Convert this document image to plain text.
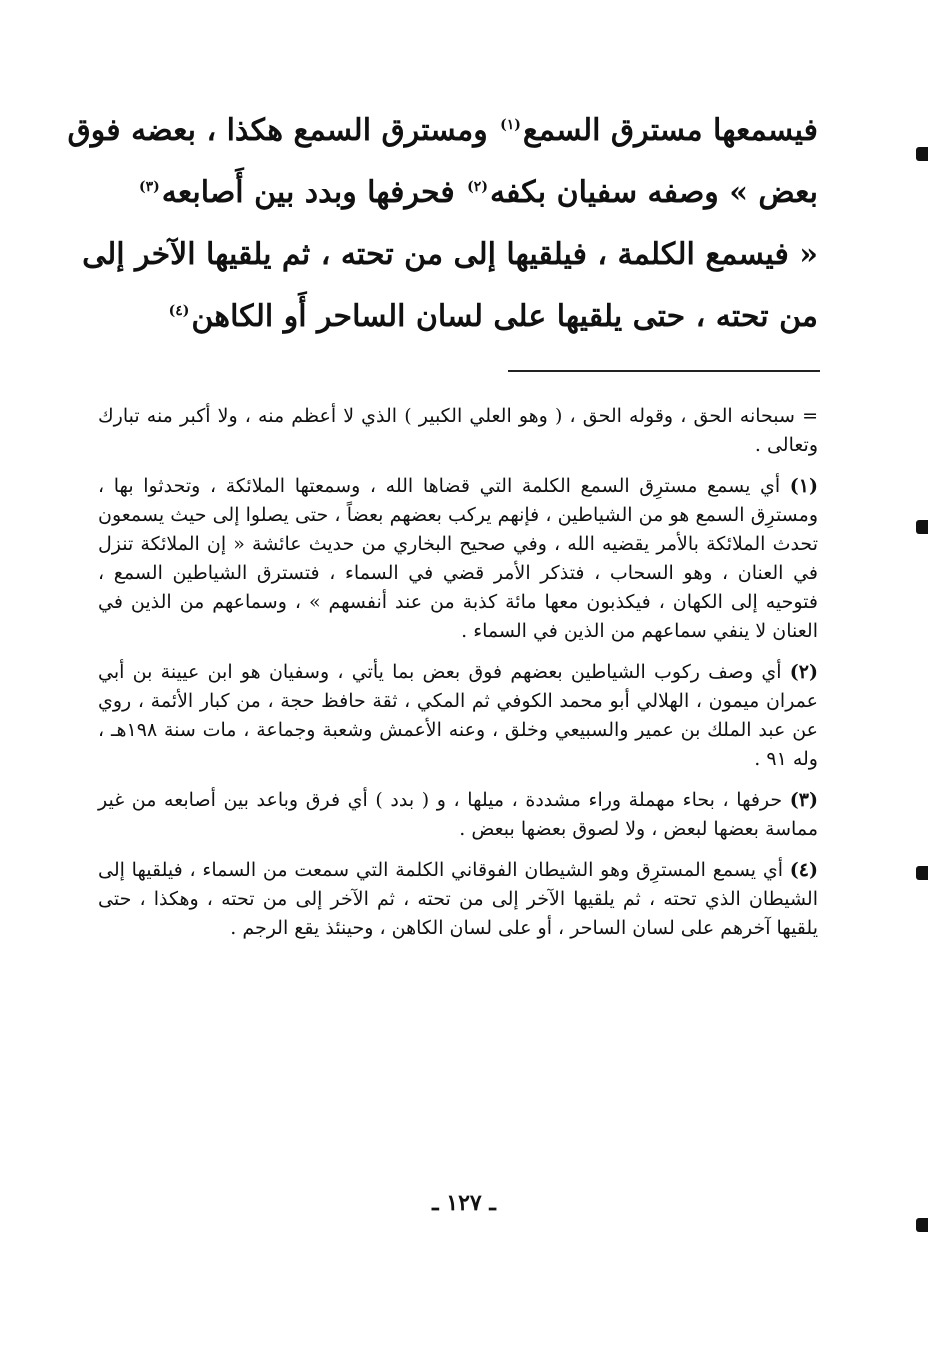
فيسمعها مسترق السمع$^{(١)}$ ومسترق السمع هكذا ، بعضه فوق
بعض » وصفه سفيان بكفه$^{(٢)}$ فحرفها وبدد بين أَصابعه$^{(٣)}$
« فيسمع الكلمة ، فيلقيها إلى من تحته ، ثم يلقيها الآخر إلى
من تحته ، حتى يلقيها على لسان الساحر أَو الكاهن$^{(٤)}$

= سبحانه الحق ، وقوله الحق ، ( وهو العلي الكبير ) الذي لا أعظم منه ، ولا أكبر منه تبارك وتعالى .

(١) أي يسمع مسترِق السمع الكلمة التي قضاها الله ، وسمعتها الملائكة ، وتحدثوا بها ، ومسترِق السمع هو من الشياطين ، فإنهم يركب بعضهم بعضاً ، حتى يصلوا إلى حيث يسمعون تحدث الملائكة بالأمر يقضيه الله ، وفي صحيح البخاري من حديث عائشة « إن الملائكة تنزل في العنان ، وهو السحاب ، فتذكر الأمر قضي في السماء ، فتسترق الشياطين السمع ، فتوحيه إلى الكهان ، فيكذبون معها مائة كذبة من عند أنفسهم » ، وسماعهم من الذين في العنان لا ينفي سماعهم من الذين في السماء .

(٢) أي وصف ركوب الشياطين بعضهم فوق بعض بما يأتي ، وسفيان هو ابن عيينة بن أبي عمران ميمون ، الهلالي أبو محمد الكوفي ثم المكي ، ثقة حافظ حجة ، من كبار الأئمة ، روي عن عبد الملك بن عمير والسبيعي وخلق ، وعنه الأعمش وشعبة وجماعة ، مات سنة ١٩٨هـ ، وله ٩١ .

(٣) حرفها ، بحاء مهملة وراء مشددة ، ميلها ، و ( بدد ) أي فرق وباعد بين أصابعه من غير مماسة بعضها لبعض ، ولا لصوق بعضها ببعض .

(٤) أي يسمع المسترِق وهو الشيطان الفوقاني الكلمة التي سمعت من السماء ، فيلقيها إلى الشيطان الذي تحته ، ثم يلقيها الآخر إلى من تحته ، ثم الآخر إلى من تحته ، وهكذا ، حتى يلقيها آخرهم على لسان الساحر ، أو على لسان الكاهن ، وحينئذ يقع الرجم .

ـ ١٢٧ ـ
